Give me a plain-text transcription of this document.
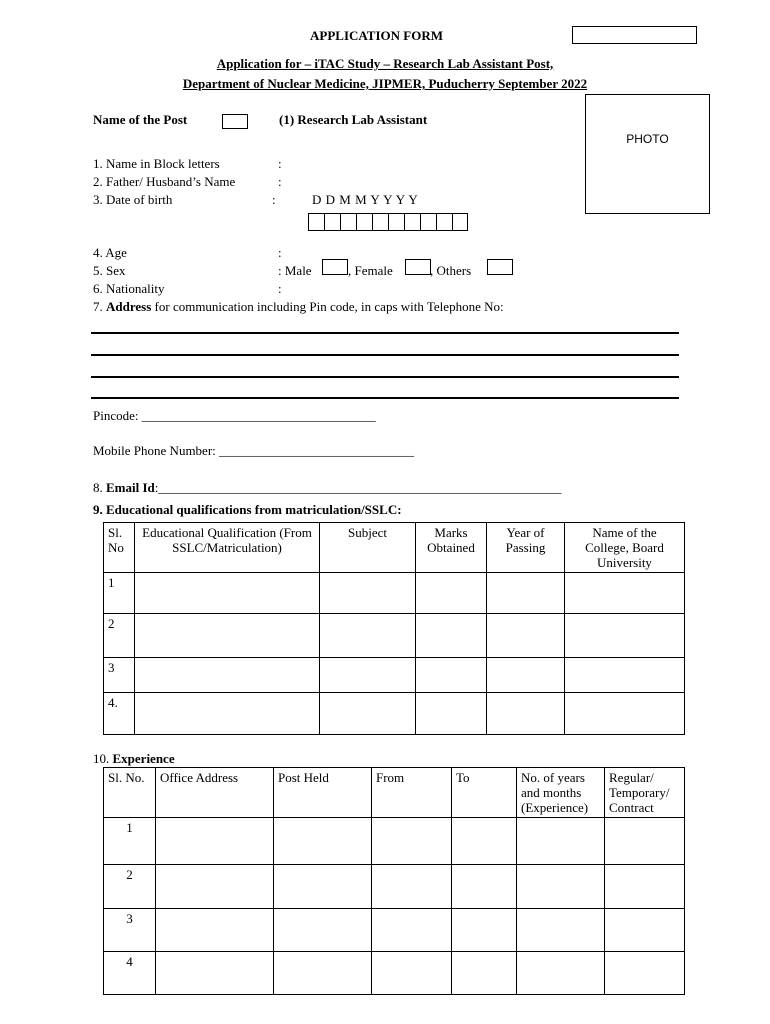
APPLICATION FORM
Application for – iTAC Study – Research Lab Assistant Post,
Department of Nuclear Medicine, JIPMER, Puducherry September 2022
PHOTO
Name of the Post	(1) Research Lab Assistant
1. Name in Block letters	:
2. Father/ Husband’s Name	:
3. Date of birth	:	D D M M Y Y Y Y
4. Age	:
5. Sex	: Male	, Female	, Others
6. Nationality	:
7. Address for communication including Pin code, in caps with Telephone No:
Pincode: ____________________________________
Mobile Phone Number: ______________________________
8. Email Id:______________________________________________________________
9. Educational qualifications from matriculation/SSLC:
Sl. No	Educational Qualification (From SSLC/Matriculation)	Subject	Marks Obtained	Year of Passing	Name of the College, Board University
1					
2					
3					
4.					
10. Experience
Sl. No.	Office Address	Post Held	From	To	No. of years and months (Experience)	Regular/ Temporary/ Contract
1						
2						
3						
4						
